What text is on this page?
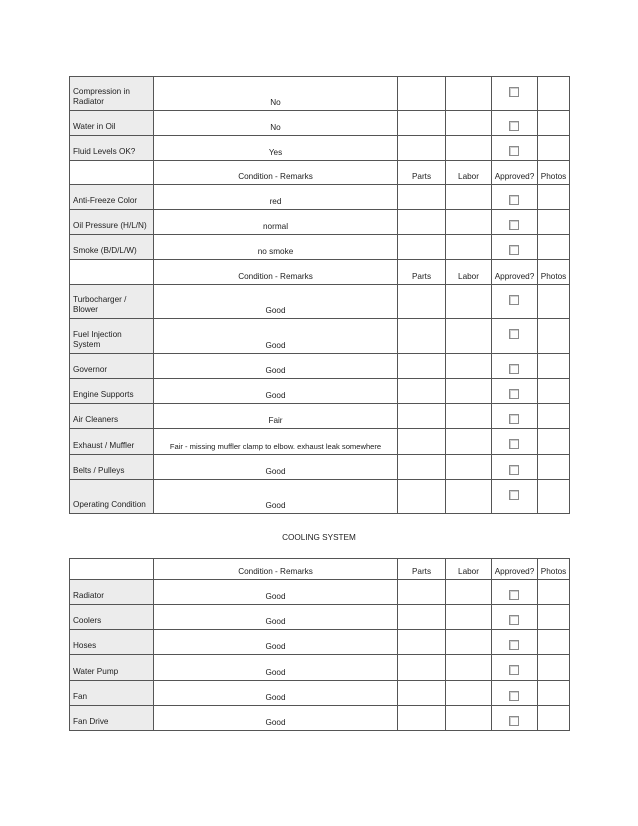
Compression in Radiator	No				
Water in Oil	No				
Fluid Levels OK?	Yes				
	Condition - Remarks	Parts	Labor	Approved?	Photos
Anti-Freeze Color	red				
Oil Pressure (H/L/N)	normal				
Smoke (B/D/L/W)	no smoke				
	Condition - Remarks	Parts	Labor	Approved?	Photos
Turbocharger / Blower	Good				
Fuel Injection System	Good				
Governor	Good				
Engine Supports	Good				
Air Cleaners	Fair				
Exhaust / Muffler	Fair - missing muffler clamp to elbow. exhaust leak somewhere				
Belts / Pulleys	Good				
Operating Condition	Good				
COOLING SYSTEM
	Condition - Remarks	Parts	Labor	Approved?	Photos
Radiator	Good				
Coolers	Good				
Hoses	Good				
Water Pump	Good				
Fan	Good				
Fan Drive	Good				
